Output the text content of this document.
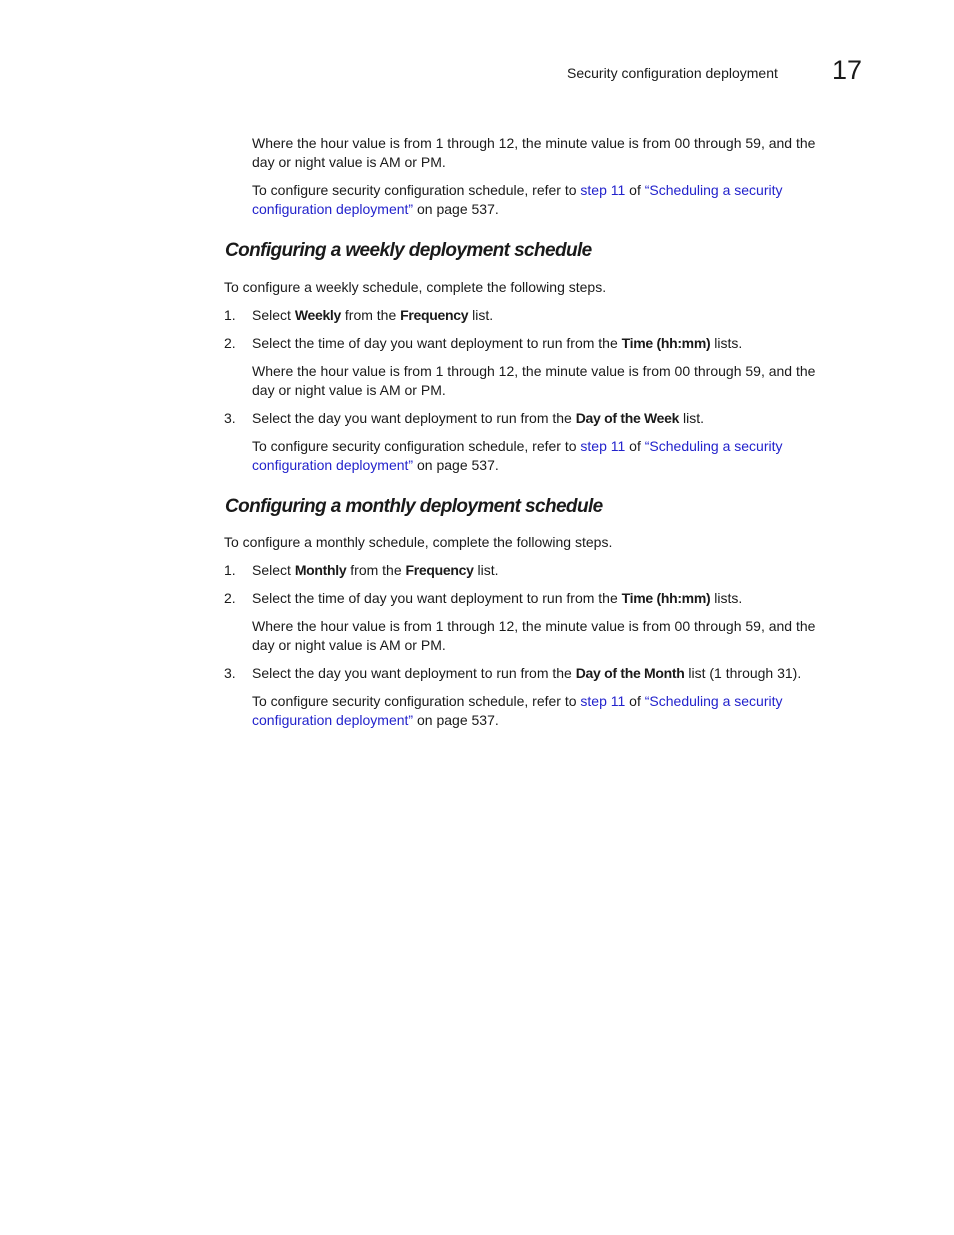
Security configuration deployment 17

Where the hour value is from 1 through 12, the minute value is from 00 through 59, and the
day or night value is AM or PM.

To configure security configuration schedule, refer to step 11 of “Scheduling a security
configuration deployment” on page 537.

Configuring a weekly deployment schedule

To configure a weekly schedule, complete the following steps.

1. Select Weekly from the Frequency list.

2. Select the time of day you want deployment to run from the Time (hh:mm) lists.

Where the hour value is from 1 through 12, the minute value is from 00 through 59, and the
day or night value is AM or PM.

3. Select the day you want deployment to run from the Day of the Week list.

To configure security configuration schedule, refer to step 11 of “Scheduling a security
configuration deployment” on page 537.

Configuring a monthly deployment schedule

To configure a monthly schedule, complete the following steps.

1. Select Monthly from the Frequency list.

2. Select the time of day you want deployment to run from the Time (hh:mm) lists.

Where the hour value is from 1 through 12, the minute value is from 00 through 59, and the
day or night value is AM or PM.

3. Select the day you want deployment to run from the Day of the Month list (1 through 31).

To configure security configuration schedule, refer to step 11 of “Scheduling a security
configuration deployment” on page 537.
